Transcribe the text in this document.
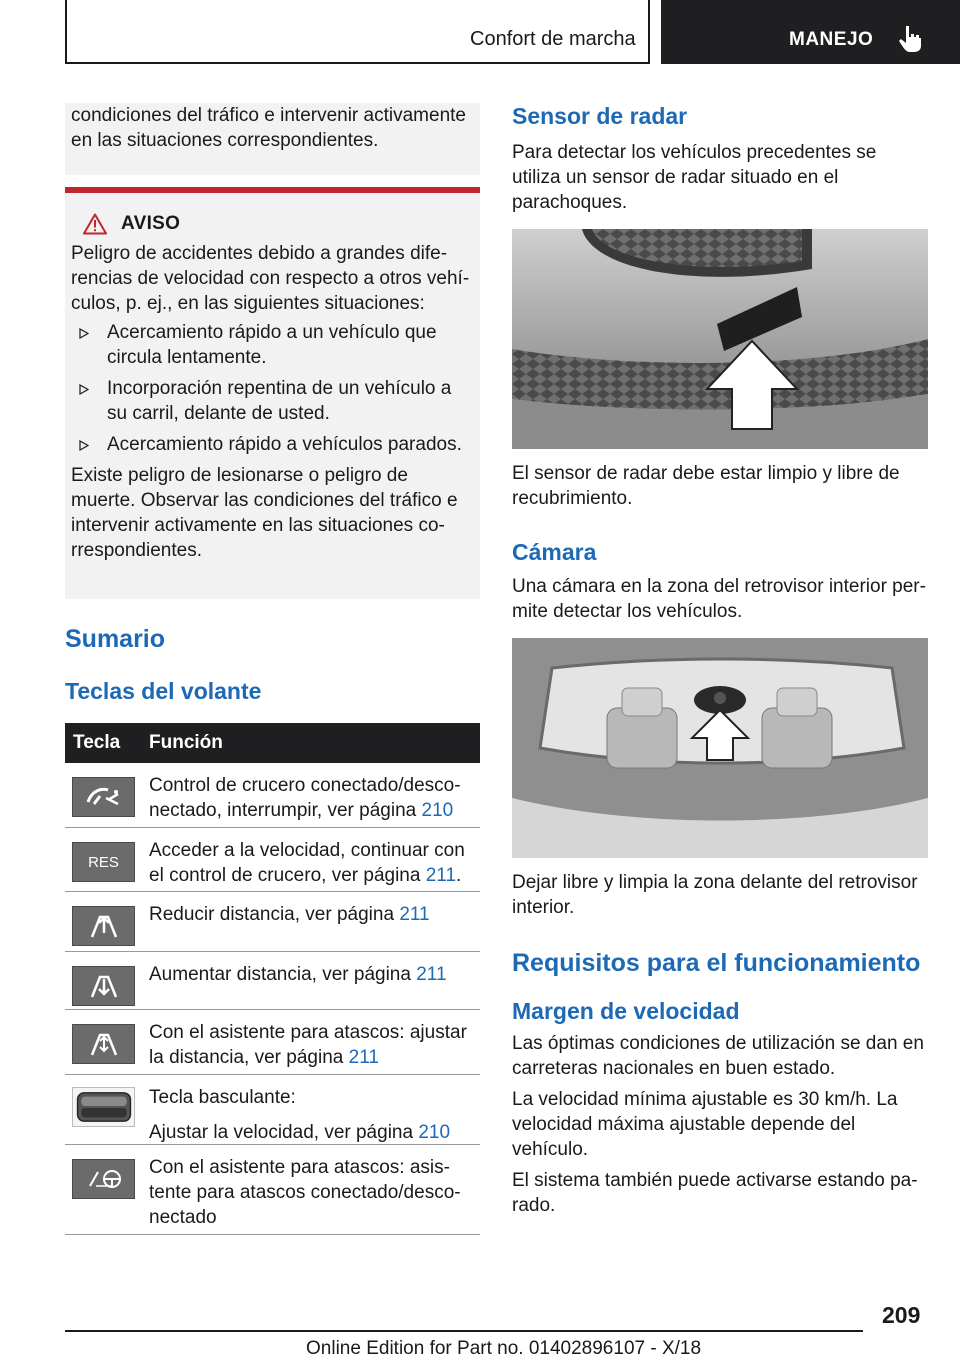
Confort de marcha	MANEJO

condiciones del tráfico e intervenir activamente en las situaciones correspondientes.

AVISO

Peligro de accidentes debido a grandes diferencias de velocidad con respecto a otros vehículos, p. ej., en las siguientes situaciones:

Acercamiento rápido a un vehículo que circula lentamente.
Incorporación repentina de un vehículo a su carril, delante de usted.
Acercamiento rápido a vehículos parados.

Existe peligro de lesionarse o peligro de muerte. Observar las condiciones del tráfico e intervenir activamente en las situaciones correspondientes.

Sumario
Teclas del volante
Tecla	Función
Control de crucero conectado/desconectado, interrumpir, ver página 210
RES
Acceder a la velocidad, continuar con el control de crucero, ver página 211.
Reducir distancia, ver página 211
Aumentar distancia, ver página 211
Con el asistente para atascos: ajustar la distancia, ver página 211
Tecla basculante:
Ajustar la velocidad, ver página 210
Con el asistente para atascos: asistente para atascos conectado/desconectado
Sensor de radar

Para detectar los vehículos precedentes se utiliza un sensor de radar situado en el parachoques.

El sensor de radar debe estar limpio y libre de recubrimiento.

Cámara

Una cámara en la zona del retrovisor interior permite detectar los vehículos.

Dejar libre y limpia la zona delante del retrovisor interior.

Requisitos para el funcionamiento
Margen de velocidad

Las óptimas condiciones de utilización se dan en carreteras nacionales en buen estado.

La velocidad mínima ajustable es 30 km/h. La velocidad máxima ajustable depende del vehículo.

El sistema también puede activarse estando parado.

209
Online Edition for Part no. 01402896107 - X/18
